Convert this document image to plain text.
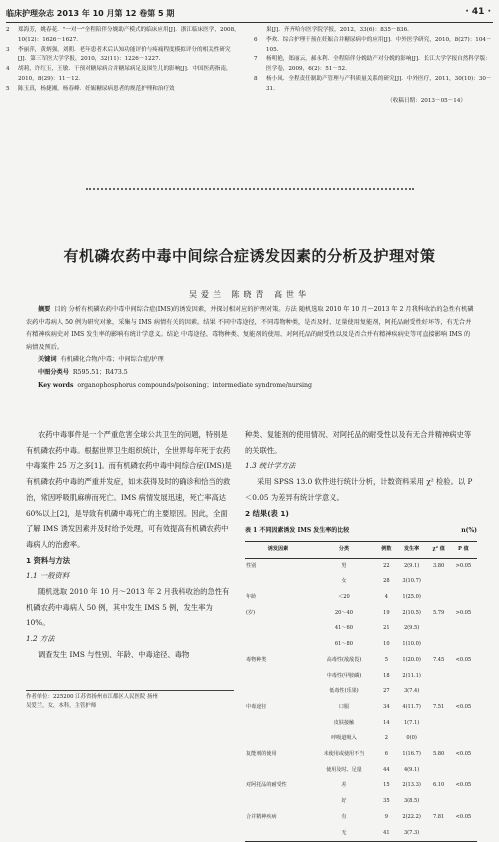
临床护理杂志 2013 年 10 月第 12 卷第 5 期	· 41 ·
2 郑海芳，姚春花．"一对一"全程陪伴分娩助产模式的临床应用[J]．浙江临床医学，2008，10(12)：1626－1627.
3 李丽萍，黄炳强，刘朝．老年患者术后认知功能评价与疼痛程度模拟评分的相关性研究[J]．第三军医大学学报，2010，32(11)：1226－1227.
4 胡莉，许红玉，王敏．干预对糖尿病合并糖尿病足及围生儿的影响[J]．中国医药指南，2010，8(29)：11－12.
5 陈玉真，杨捷湘，杨春峰．妊娠糖尿病患者的规范护理和治疗效
果[J]．齐齐哈尔医学院学报，2012，33(6)：835－836.
6 李欢．综合护理干预在妊娠合并糖尿病中的应用[J]．中外医学研究，2010，8(27)：104－105.
7 杨明艳，郑丽云，郝永利．全程陪伴分娩助产对分娩的影响[J]．长江大学学报自然科学版：医学卷，2009，6(2)：51－52.
8 杨小凤．全程责任制助产管理与产科质量关系的研究[J]．中外医疗，2011，30(10)：30－31.
（收稿日期：2013－05－14）
有机磷农药中毒中间综合症诱发因素的分析及护理对策
吴爱兰 陈晓青 高世华
摘要 目的 分析有机磷农药中毒中间综合症(IMS)的诱发因素，并探讨相对应的护理对策。方法 随机选取 2010 年 10 月～2013 年 2 月我科收治的急性有机磷农药中毒病人 50 例为研究对象，采集与 IMS 病情有关的因素。结果 不同中毒途径，不同毒物种类，是否及时、足量使用复能剂，阿托品耐受性好坏等，有无合并有精神疾病史对 IMS 发生率的影响有统计学意义。结论 中毒途径、毒物种类、复能剂的使用、对阿托品的耐受性以及是否合并有精神疾病史等可直接影响 IMS 的病情及预后。
关键词 有机磷化合物/中毒；中间综合症/护理
中图分类号 R595.51；R473.5
Key words organophosphorus compounds/poisoning；intermediate syndrome/nursing
农药中毒事件是一个严重危害全球公共卫生的问题，特别是有机磷农药中毒。根据世界卫生组织统计，全世界每年死于农药中毒案件 25 万之多[1]。而有机磷农药中毒中间综合症(IMS)是有机磷农药中毒的严重并发症，如未获得及时的确诊和恰当的救治，常因呼吸肌麻痹而死亡。IMS 病情发展迅速，死亡率高达 60%以上[2]，是导致有机磷中毒死亡的主要原因。因此，全面了解 IMS 诱发因素并及时给予处理，可有效提高有机磷农药中毒病人的治愈率。
1 资料与方法
1.1 一般资料
随机选取 2010 年 10 月～2013 年 2 月我科收治的急性有机磷农药中毒病人 50 例，其中发生 IMS 5 例，发生率为 10%。
1.2 方法
调查发生 IMS 与性别、年龄、中毒途径、毒物
种类、复能剂的使用情况、对阿托品的耐受性以及有无合并精神病史等的关联性。
1.3 统计学方法
采用 SPSS 13.0 软件进行统计分析，计数资料采用 χ² 检验。以 P＜0.05 为差异有统计学意义。
2 结果(表 1)
表 1 不同因素诱发 IMS 发生率的比较	n(%)
诱发因素	分类	例数	发生率	χ² 值	P 值
性别	男	22	2(9.1)	3.80	>0.05
	女	28	3(10.7)		
年龄	＜20	4	1(25.0)		
(岁)	20～40	19	2(10.5)	5.79	>0.05
	41～60	21	2(9.5)		
	61～80	10	1(10.0)		
毒物种类	高毒性(敌敌畏)	5	1(20.0)	7.45	<0.05
	中毒性(甲胺磷)	18	2(11.1)		
	低毒性(乐果)	27	3(7.4)		
中毒途径	口服	34	4(11.7)	7.51	<0.05
	皮肤接触	14	1(7.1)		
	呼吸道吸入	2	0(0)		
复能剂的使用	未使用或使用不当	6	1(16.7)	5.80	<0.05
	使用及时、足量	44	4(9.1)		
对阿托品的耐受性	差	15	2(13.3)	6.10	<0.05
	好	35	3(8.5)		
合并精神疾病	有	9	2(22.2)	7.81	<0.05
	无	41	3(7.3)		
作者单位：225200 江苏省扬州市江都区人民医院 扬州
吴爱兰，女，本科，主管护师
